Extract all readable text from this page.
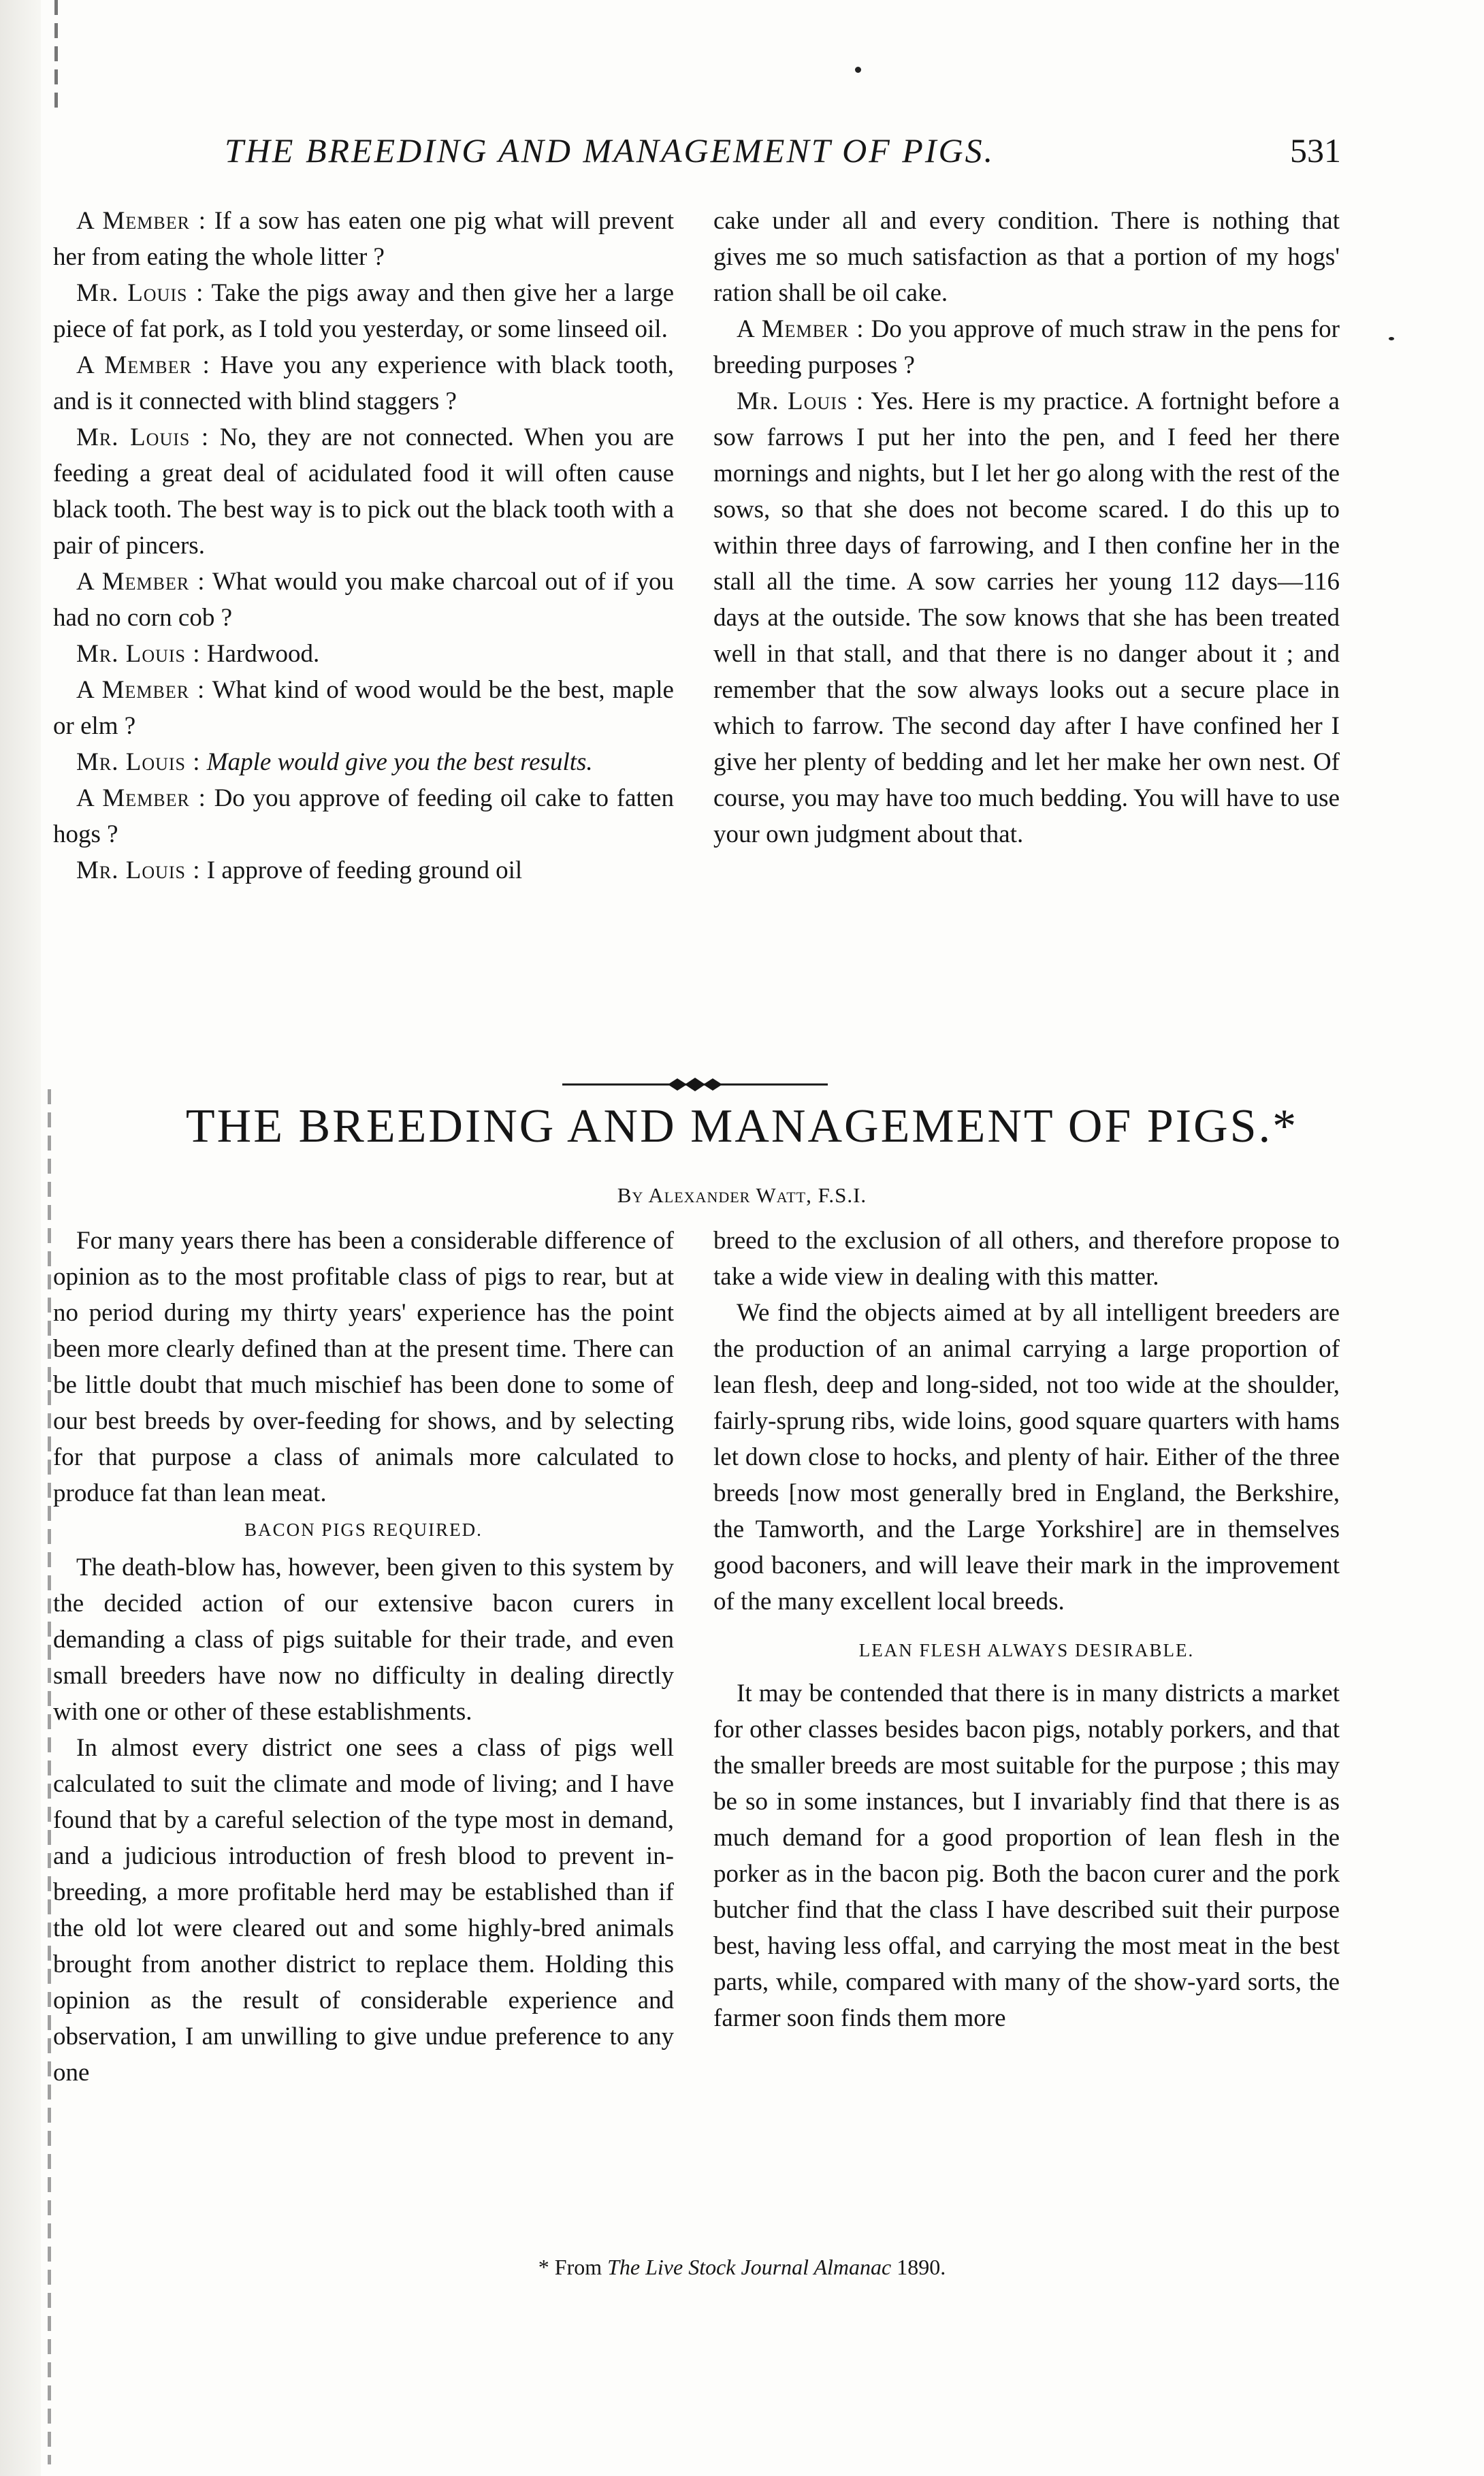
THE BREEDING AND MANAGEMENT OF PIGS.	531

A Member : If a sow has eaten one pig what will prevent her from eating the whole litter ?

Mr. Louis : Take the pigs away and then give her a large piece of fat pork, as I told you yesterday, or some linseed oil.

A Member : Have you any experience with black tooth, and is it connected with blind staggers ?

Mr. Louis : No, they are not connected. When you are feeding a great deal of acidulated food it will often cause black tooth. The best way is to pick out the black tooth with a pair of pincers.

A Member : What would you make charcoal out of if you had no corn cob ?

Mr. Louis : Hardwood.

A Member : What kind of wood would be the best, maple or elm ?

Mr. Louis : Maple would give you the best results.

A Member : Do you approve of feeding oil cake to fatten hogs ?

Mr. Louis : I approve of feeding ground oil

cake under all and every condition. There is nothing that gives me so much satisfaction as that a portion of my hogs' ration shall be oil cake.

A Member : Do you approve of much straw in the pens for breeding purposes ?

Mr. Louis : Yes. Here is my practice. A fortnight before a sow farrows I put her into the pen, and I feed her there mornings and nights, but I let her go along with the rest of the sows, so that she does not become scared. I do this up to within three days of farrowing, and I then confine her in the stall all the time. A sow carries her young 112 days—116 days at the outside. The sow knows that she has been treated well in that stall, and that there is no danger about it ; and remember that the sow always looks out a secure place in which to farrow. The second day after I have confined her I give her plenty of bedding and let her make her own nest. Of course, you may have too much bedding. You will have to use your own judgment about that.

THE BREEDING AND MANAGEMENT OF PIGS.*
By Alexander Watt, F.S.I.

For many years there has been a considerable difference of opinion as to the most profitable class of pigs to rear, but at no period during my thirty years' experience has the point been more clearly defined than at the present time. There can be little doubt that much mischief has been done to some of our best breeds by over-feeding for shows, and by selecting for that purpose a class of animals more calculated to produce fat than lean meat.

BACON PIGS REQUIRED.

The death-blow has, however, been given to this system by the decided action of our extensive bacon curers in demanding a class of pigs suitable for their trade, and even small breeders have now no difficulty in dealing directly with one or other of these establishments.

In almost every district one sees a class of pigs well calculated to suit the climate and mode of living; and I have found that by a careful selection of the type most in demand, and a judicious introduction of fresh blood to prevent in-breeding, a more profitable herd may be established than if the old lot were cleared out and some highly-bred animals brought from another district to replace them. Holding this opinion as the result of considerable experience and observation, I am unwilling to give undue preference to any one

breed to the exclusion of all others, and therefore propose to take a wide view in dealing with this matter.

We find the objects aimed at by all intelligent breeders are the production of an animal carrying a large proportion of lean flesh, deep and long-sided, not too wide at the shoulder, fairly-sprung ribs, wide loins, good square quarters with hams let down close to hocks, and plenty of hair. Either of the three breeds [now most generally bred in England, the Berkshire, the Tamworth, and the Large Yorkshire] are in themselves good baconers, and will leave their mark in the improvement of the many excellent local breeds.

LEAN FLESH ALWAYS DESIRABLE.

It may be contended that there is in many districts a market for other classes besides bacon pigs, notably porkers, and that the smaller breeds are most suitable for the purpose ; this may be so in some instances, but I invariably find that there is as much demand for a good proportion of lean flesh in the porker as in the bacon pig. Both the bacon curer and the pork butcher find that the class I have described suit their purpose best, having less offal, and carrying the most meat in the best parts, while, compared with many of the show-yard sorts, the farmer soon finds them more

* From The Live Stock Journal Almanac 1890.
